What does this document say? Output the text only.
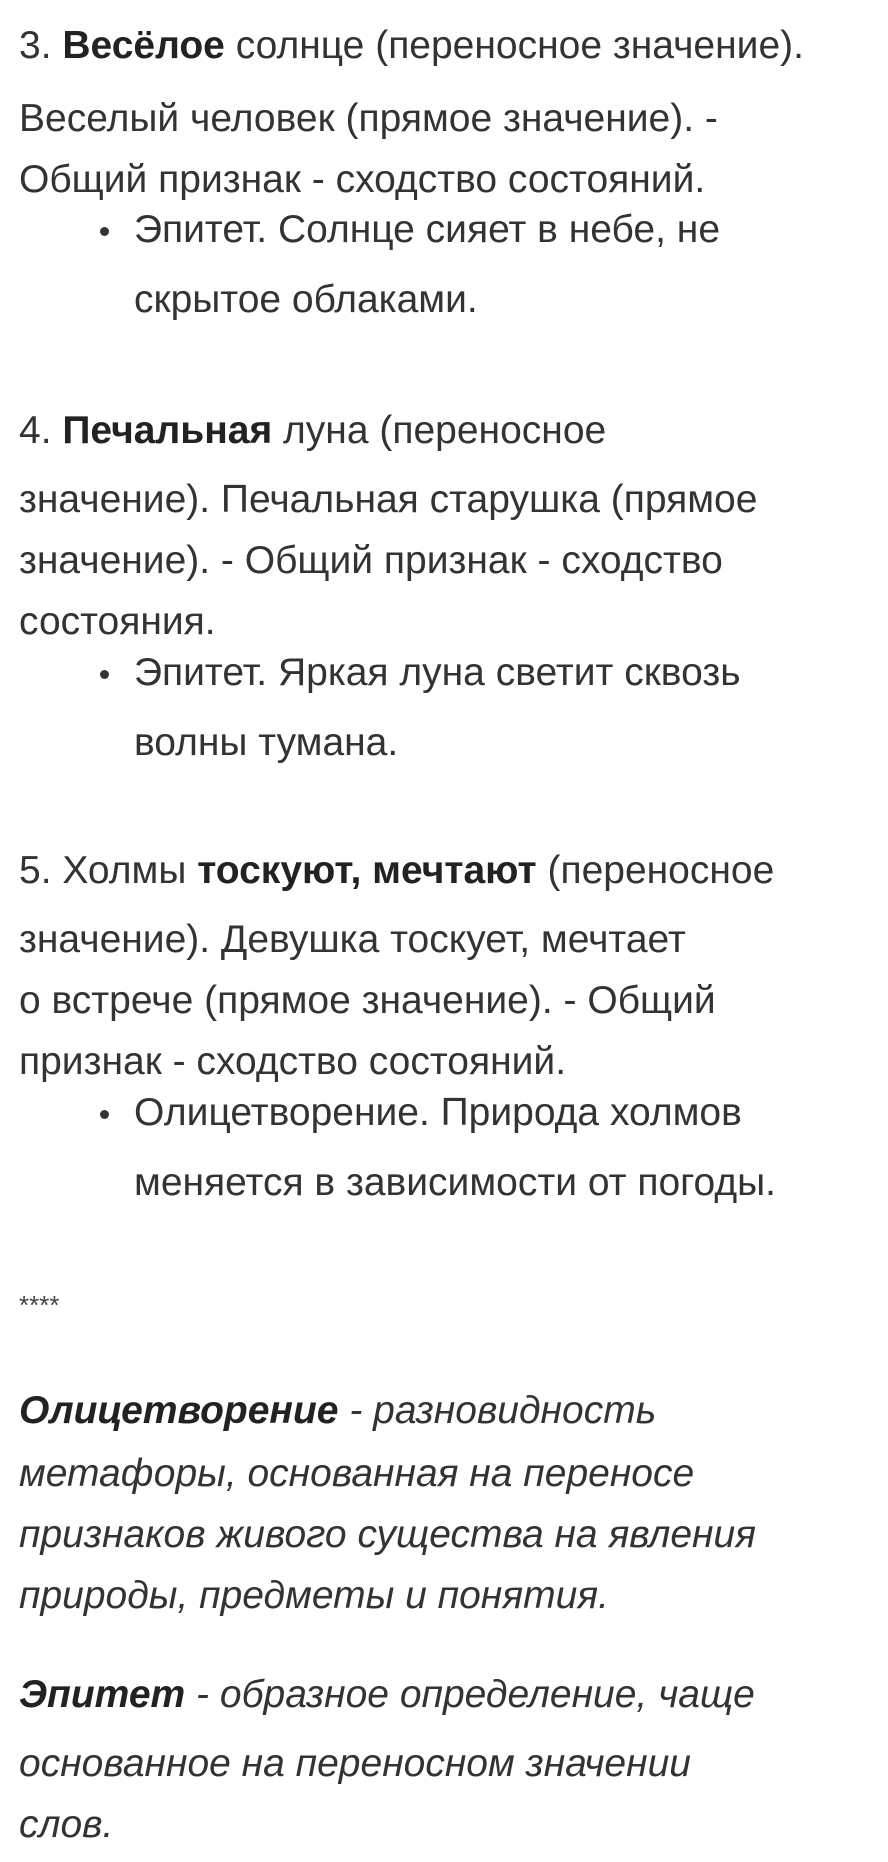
3. Весёлое солнце (переносное значение).

Веселый человек (прямое значение). -

Общий признак - сходство состояний.

Эпитет. Солнце сияет в небе, не
скрытое облаками.

4. Печальная луна (переносное

значение). Печальная старушка (прямое

значение). - Общий признак - сходство

состояния.

Эпитет. Яркая луна светит сквозь
волны тумана.

5. Холмы тоскуют, мечтают (переносное

значение). Девушка тоскует, мечтает

о встрече (прямое значение). - Общий

признак - сходство состояний.

Олицетворение. Природа холмов
меняется в зависимости от погоды.

****

Олицетворение - разновидность

метафоры, основанная на переносе

признаков живого существа на явления

природы, предметы и понятия.

Эпитет - образное определение, чаще

основанное на переносном значении

слов.
